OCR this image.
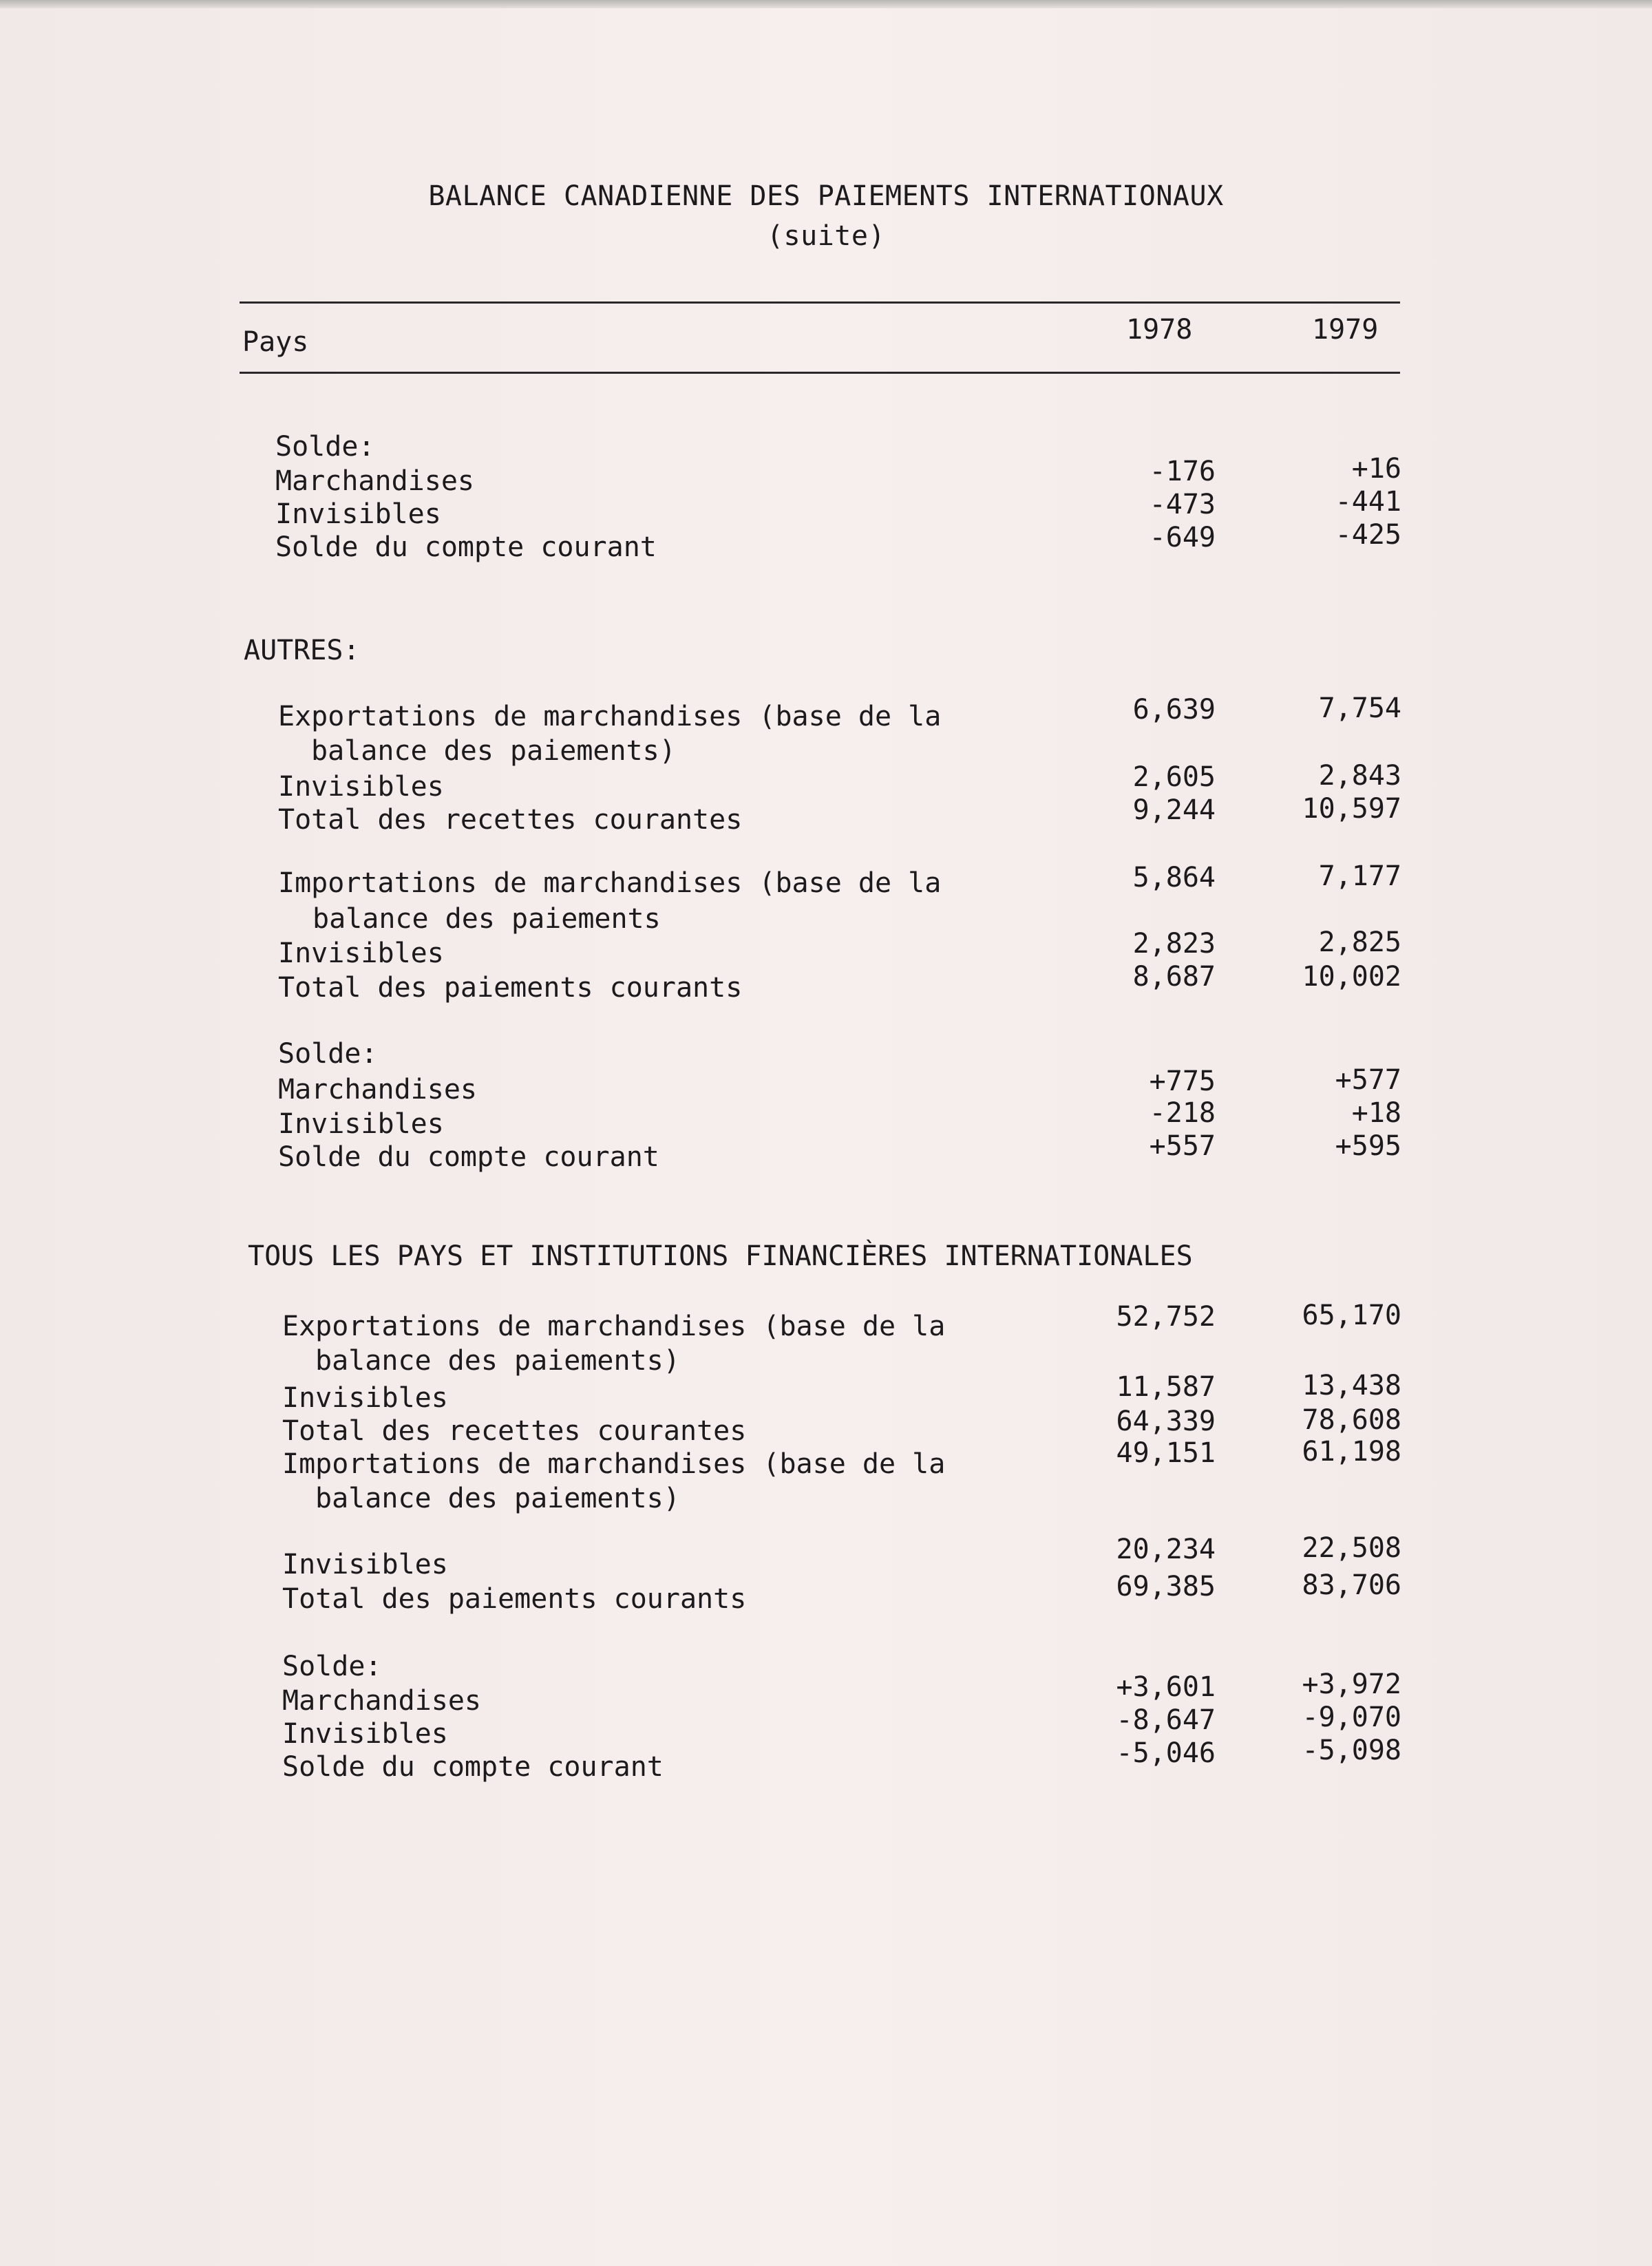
BALANCE CANADIENNE DES PAIEMENTS INTERNATIONAUX
(suite)
Pays	1978	1979
Solde:
Marchandises	-176	+16
Invisibles	-473	-441
Solde du compte courant	-649	-425
AUTRES:
Exportations de marchandises (base de la
balance des paiements)
6,639	7,754
Invisibles	2,605	2,843
Total des recettes courantes	9,244	10,597
Importations de marchandises (base de la
balance des paiements
5,864	7,177
Invisibles	2,823	2,825
Total des paiements courants	8,687	10,002
Solde:
Marchandises	+775	+577
Invisibles	-218	+18
Solde du compte courant	+557	+595
TOUS LES PAYS ET INSTITUTIONS FINANCIÈRES INTERNATIONALES
Exportations de marchandises (base de la
balance des paiements)
52,752	65,170
Invisibles	11,587	13,438
Total des recettes courantes	64,339	78,608
Importations de marchandises (base de la
balance des paiements)
49,151	61,198
Invisibles	20,234	22,508
Total des paiements courants	69,385	83,706
Solde:
Marchandises	+3,601	+3,972
Invisibles	-8,647	-9,070
Solde du compte courant	-5,046	-5,098
